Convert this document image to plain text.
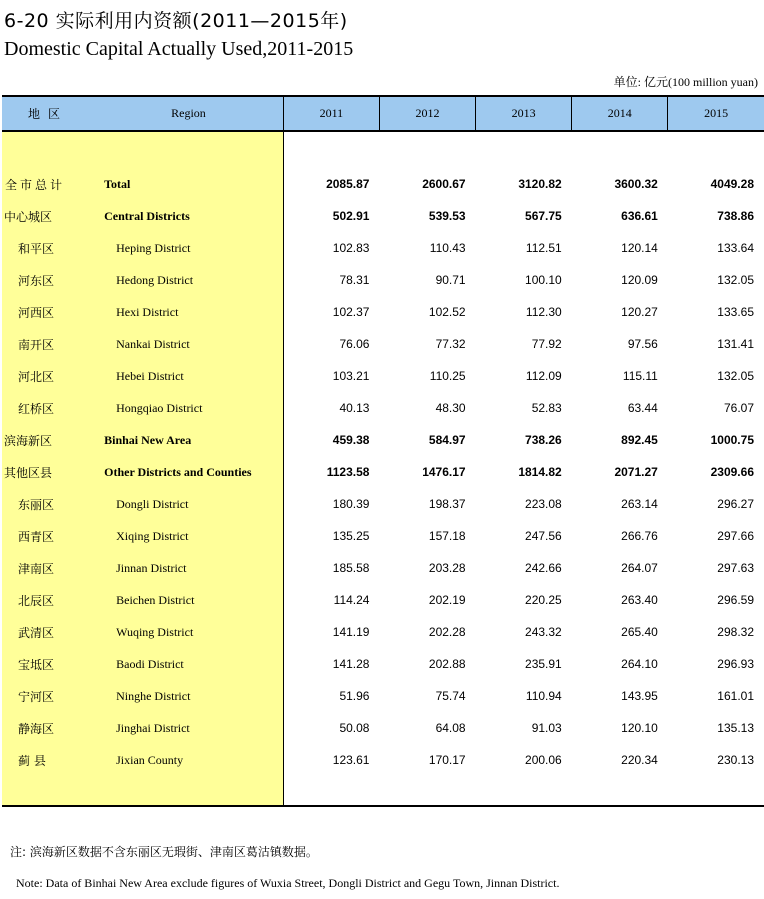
6-20 实际利用内资额(2011—2015年)
Domestic Capital Actually Used,2011-2015
单位: 亿元(100 million yuan)
地区	Region	2011	2012	2013	2014	2015

全市总计	Total	2085.87	2600.67	3120.82	3600.32	4049.28
中心城区	Central Districts	502.91	539.53	567.75	636.61	738.86
和平区	Heping District	102.83	110.43	112.51	120.14	133.64
河东区	Hedong District	78.31	90.71	100.10	120.09	132.05
河西区	Hexi District	102.37	102.52	112.30	120.27	133.65
南开区	Nankai District	76.06	77.32	77.92	97.56	131.41
河北区	Hebei District	103.21	110.25	112.09	115.11	132.05
红桥区	Hongqiao District	40.13	48.30	52.83	63.44	76.07
滨海新区	Binhai New Area	459.38	584.97	738.26	892.45	1000.75
其他区县	Other Districts and Counties	1123.58	1476.17	1814.82	2071.27	2309.66
东丽区	Dongli District	180.39	198.37	223.08	263.14	296.27
西青区	Xiqing District	135.25	157.18	247.56	266.76	297.66
津南区	Jinnan District	185.58	203.28	242.66	264.07	297.63
北辰区	Beichen District	114.24	202.19	220.25	263.40	296.59
武清区	Wuqing District	141.19	202.28	243.32	265.40	298.32
宝坻区	Baodi District	141.28	202.88	235.91	264.10	296.93
宁河区	Ninghe District	51.96	75.74	110.94	143.95	161.01
静海区	Jinghai District	50.08	64.08	91.03	120.10	135.13
蓟 县	Jixian County	123.61	170.17	200.06	220.34	230.13

注: 滨海新区数据不含东丽区无瑕街、津南区葛沽镇数据。
Note: Data of Binhai New Area exclude figures of Wuxia Street, Dongli District and Gegu Town, Jinnan District.
